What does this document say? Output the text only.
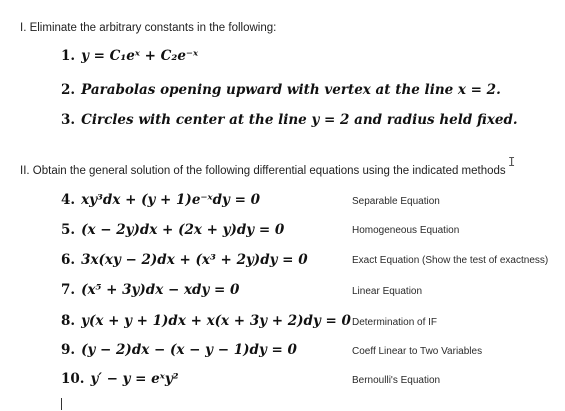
I. Eliminate the arbitrary constants in the following:
1. y = C₁eˣ + C₂e⁻ˣ
2. Parabolas opening upward with vertex at the line x = 2.
3. Circles with center at the line y = 2 and radius held fixed.
II. Obtain the general solution of the following differential equations using the indicated methods
I
4. xy³dx + (y + 1)e⁻ˣdy = 0	Separable Equation
5. (x − 2y)dx + (2x + y)dy = 0	Homogeneous Equation
6. 3x(xy − 2)dx + (x³ + 2y)dy = 0	Exact Equation (Show the test of exactness)
7. (x⁵ + 3y)dx − xdy = 0	Linear Equation
8. y(x + y + 1)dx + x(x + 3y + 2)dy = 0 Determination of IF
9. (y − 2)dx − (x − y − 1)dy = 0	Coeff Linear to Two Variables
10. y′ − y = eˣy²	Bernoulli's Equation
